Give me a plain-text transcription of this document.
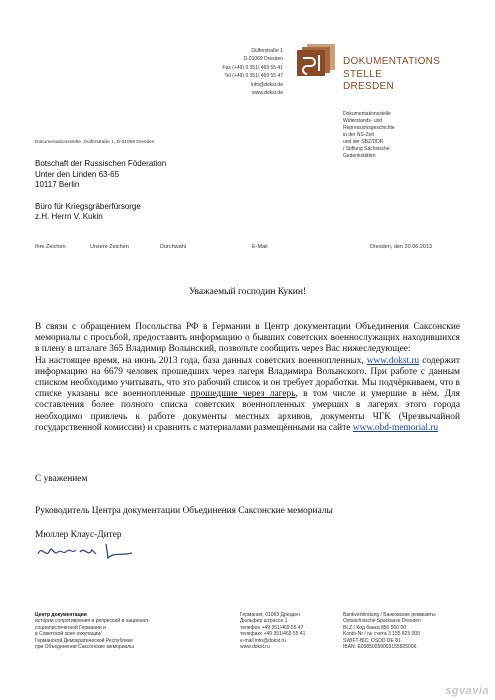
Dülferstraße 1
D-01069 Dresden
Fax (+49) 0 351/ 469 55 41
Tel (+49) 0 351/ 469 55 47
info@dokst.de
www.dokst.de
DOKUMENTATIONS
STELLE
DRESDEN
Dokumentationsstelle
Widerstands- und
Repressionsgeschichte
in der NS-Zeit
und der SBZ/DDR
/ Stiftung Sächsische
Gedenkstätten
Dokumentationsstelle, Dülferstraße 1, D-01069 Dresden
Botschaft der Russischen Föderation
Unter den Linden 63-65
10117 Berlin
Büro für Kriegsgräberfürsorge
z.H. Herrn V. Kukin
Ihre Zeichen	Unsere Zeichen	Durchwahl	E-Mail	Dresden, den 20.06.2013
Уважаемый господин Кукин!

В связи с обращением Посольства РФ в Германии в Центр документации Объединения Саксонские мемориалы с просьбой, предоставить информацию о бывших советских военнослужащих находившихся в плену в шталаге 365 Владимир Волынский, позвольте сообщить через Вас нижеследующее:

На настоящее время, на июнь 2013 года, база данных советских военнопленных, www.dokst.ru содержит информацию на 6679 человек прошедших через лагеря Владимира Волынского. При работе с данным списком необходимо учитывать, что это рабочий список и он требует доработки. Мы подчёркиваем, что в списке указаны все военнопленные прошедшие через лагерь, в том числе и умершие в нём. Для составления более полного списка советских военнопленных умерших в лагерях этого города необходимо привлечь к работе документы местных архивов, документы ЧГК (Чрезвычайной государственной комиссии) и сравнить с материалами размещёнными на сайте www.obd-memorial.ru

С уважением
Руководитель Центра документации Объединения Саксонские мемориалы
Мюллер Клаус-Дитер
Центр документации
истории сопротивления и репрессий в национал-
социалистической Германии и
в Советской зоне оккупации/
Германской Демократической Республике
при Объединении Саксонские мемориалы
Германия, 01069 Дрезден
Дюльфер штрассе 1
телефон +49 351/469 55 47
телефакс +49 351/469 55 41
e-mail info@dokst.ru
www.dokst.ru
Bankverbindung / Банковские реквизиты
Ostsächsische Sparkasse Dresden
BLZ / Код банка 850 500 00
Konto-Nr / № счета 3 155 825 005
SWIFT-BIC: OSDD DE 81
IBAN: E09850050003155825006
sgvavia
